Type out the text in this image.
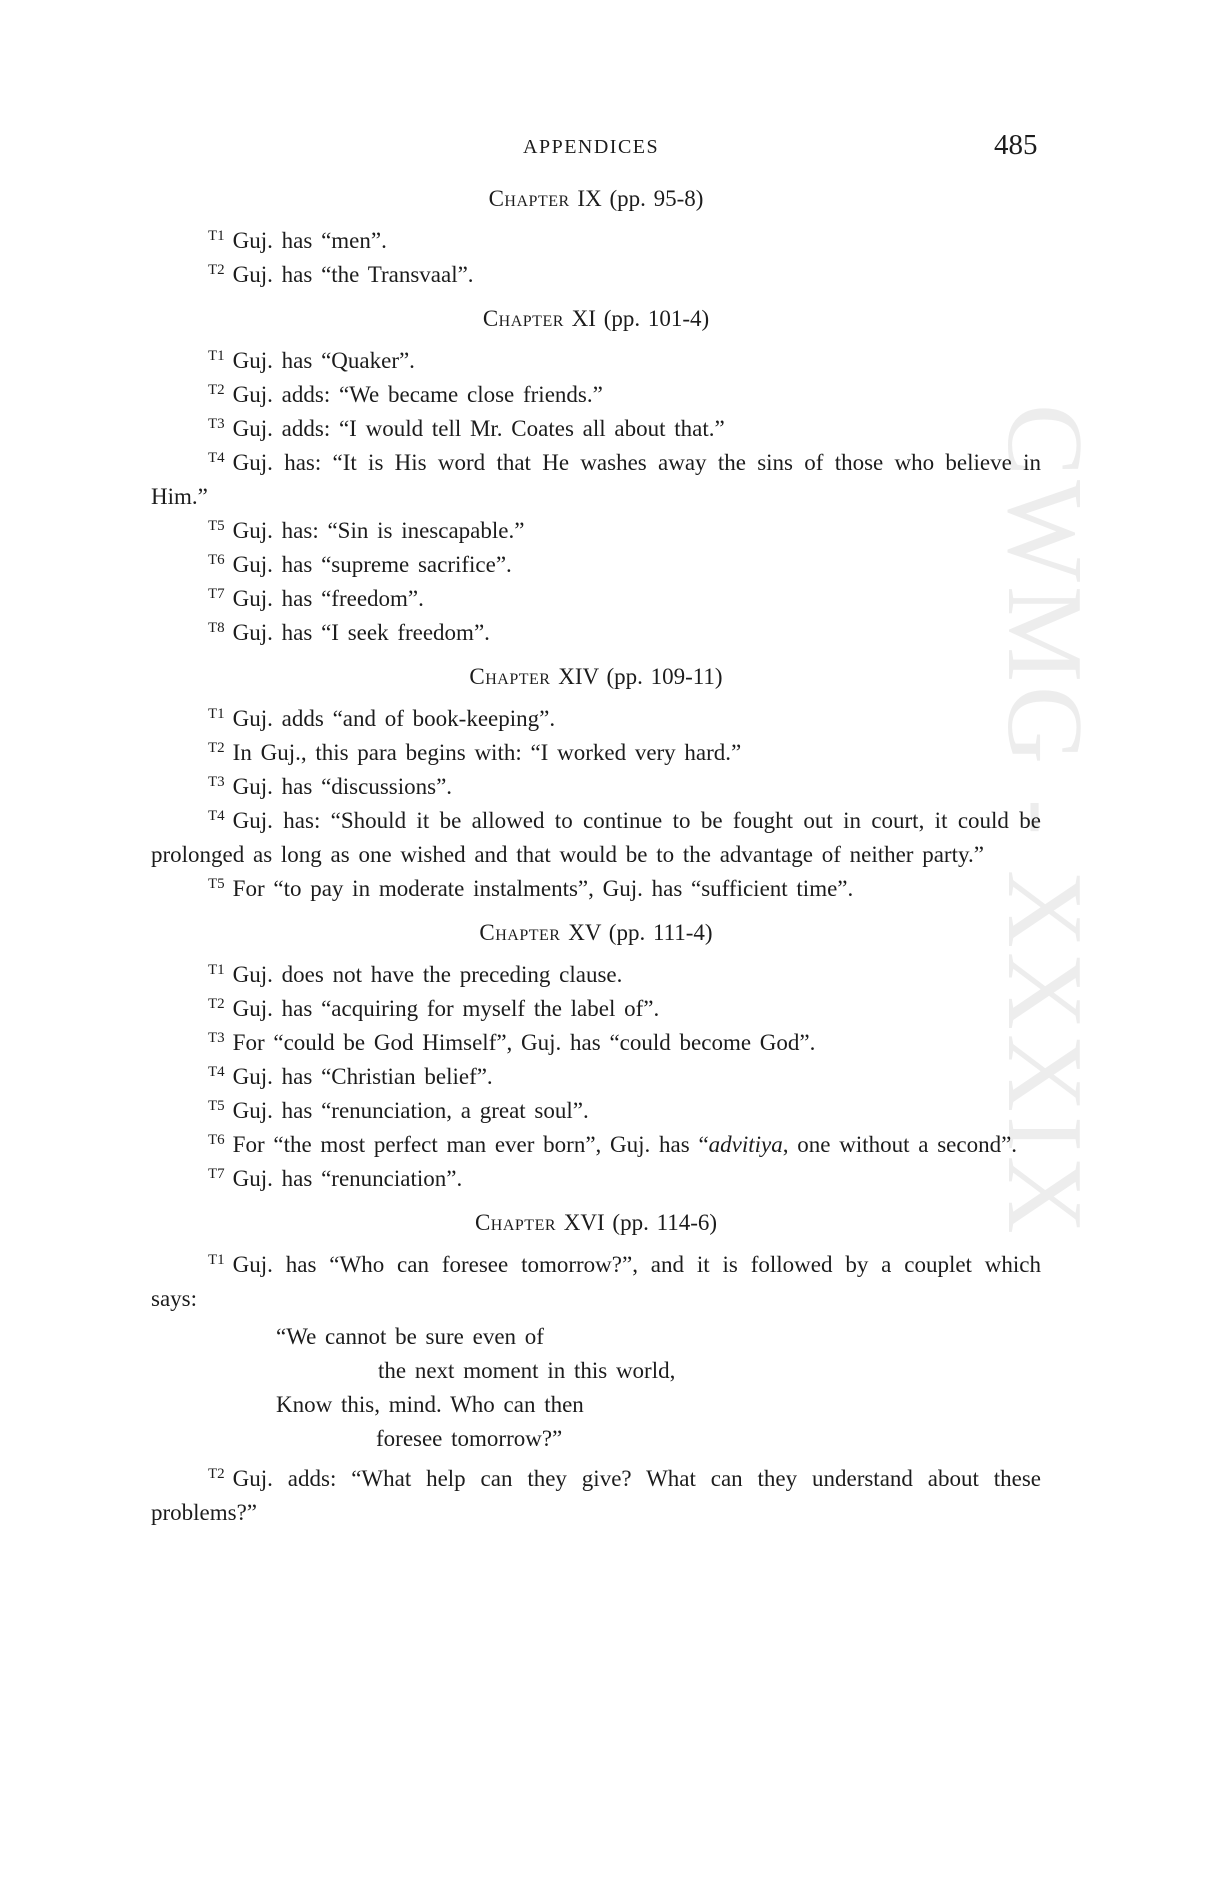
CWMG - XXXIX
APPENDICES	485
Chapter IX (pp. 95-8)

$^{T1}$ Guj. has “men”.

$^{T2}$ Guj. has “the Transvaal”.

Chapter XI (pp. 101-4)

$^{T1}$ Guj. has “Quaker”.

$^{T2}$ Guj. adds: “We became close friends.”

$^{T3}$ Guj. adds: “I would tell Mr. Coates all about that.”

$^{T4}$ Guj. has: “It is His word that He washes away the sins of those who believe in Him.”

$^{T5}$ Guj. has: “Sin is inescapable.”

$^{T6}$ Guj. has “supreme sacrifice”.

$^{T7}$ Guj. has “freedom”.

$^{T8}$ Guj. has “I seek freedom”.

Chapter XIV (pp. 109-11)

$^{T1}$ Guj. adds “and of book-keeping”.

$^{T2}$ In Guj., this para begins with: “I worked very hard.”

$^{T3}$ Guj. has “discussions”.

$^{T4}$ Guj. has: “Should it be allowed to continue to be fought out in court, it could be prolonged as long as one wished and that would be to the advantage of neither party.”

$^{T5}$ For “to pay in moderate instalments”, Guj. has “sufficient time”.

Chapter XV (pp. 111-4)

$^{T1}$ Guj. does not have the preceding clause.

$^{T2}$ Guj. has “acquiring for myself the label of”.

$^{T3}$ For “could be God Himself”, Guj. has “could become God”.

$^{T4}$ Guj. has “Christian belief”.

$^{T5}$ Guj. has “renunciation, a great soul”.

$^{T6}$ For “the most perfect man ever born”, Guj. has “advitiya, one without a second”.

$^{T7}$ Guj. has “renunciation”.

Chapter XVI (pp. 114-6)

$^{T1}$ Guj. has “Who can foresee tomorrow?”, and it is followed by a couplet which says:

“We cannot be sure even of

the next moment in this world,

Know this, mind. Who can then

foresee tomorrow?”

$^{T2}$ Guj. adds: “What help can they give? What can they understand about these problems?”
